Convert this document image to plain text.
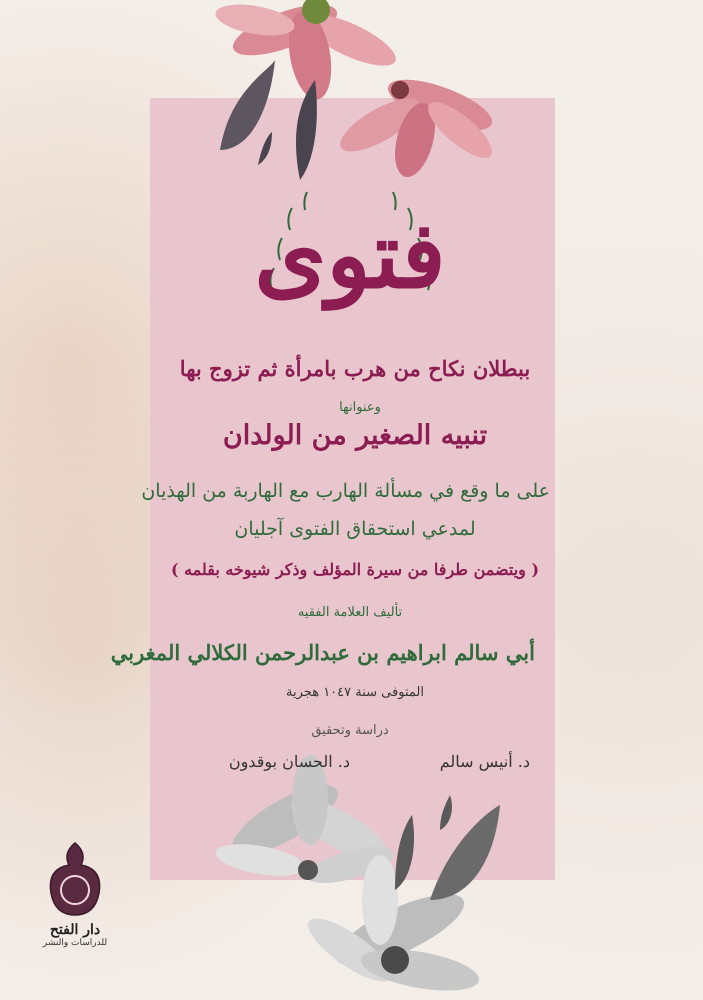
فتوى
ببطلان نكاح من هرب بامرأة ثم تزوج بها
وعنوانها
تنبيه الصغير من الولدان
على ما وقع في مسألة الهارب مع الهاربة من الهذيان
لمدعي استحقاق الفتوى آجليان
( ويتضمن طرفا من سيرة المؤلف وذكر شيوخه بقلمه )
تأليف العلامة الفقيه
أبي سالم ابراهيم بن عبدالرحمن الكلالي المغربي
المتوفى سنة ١٠٤٧ هجرية
دراسة وتحقيق
د. أنيس سالم
د. الحسان بوقدون
دار الفتح
للدراسات والنشر
